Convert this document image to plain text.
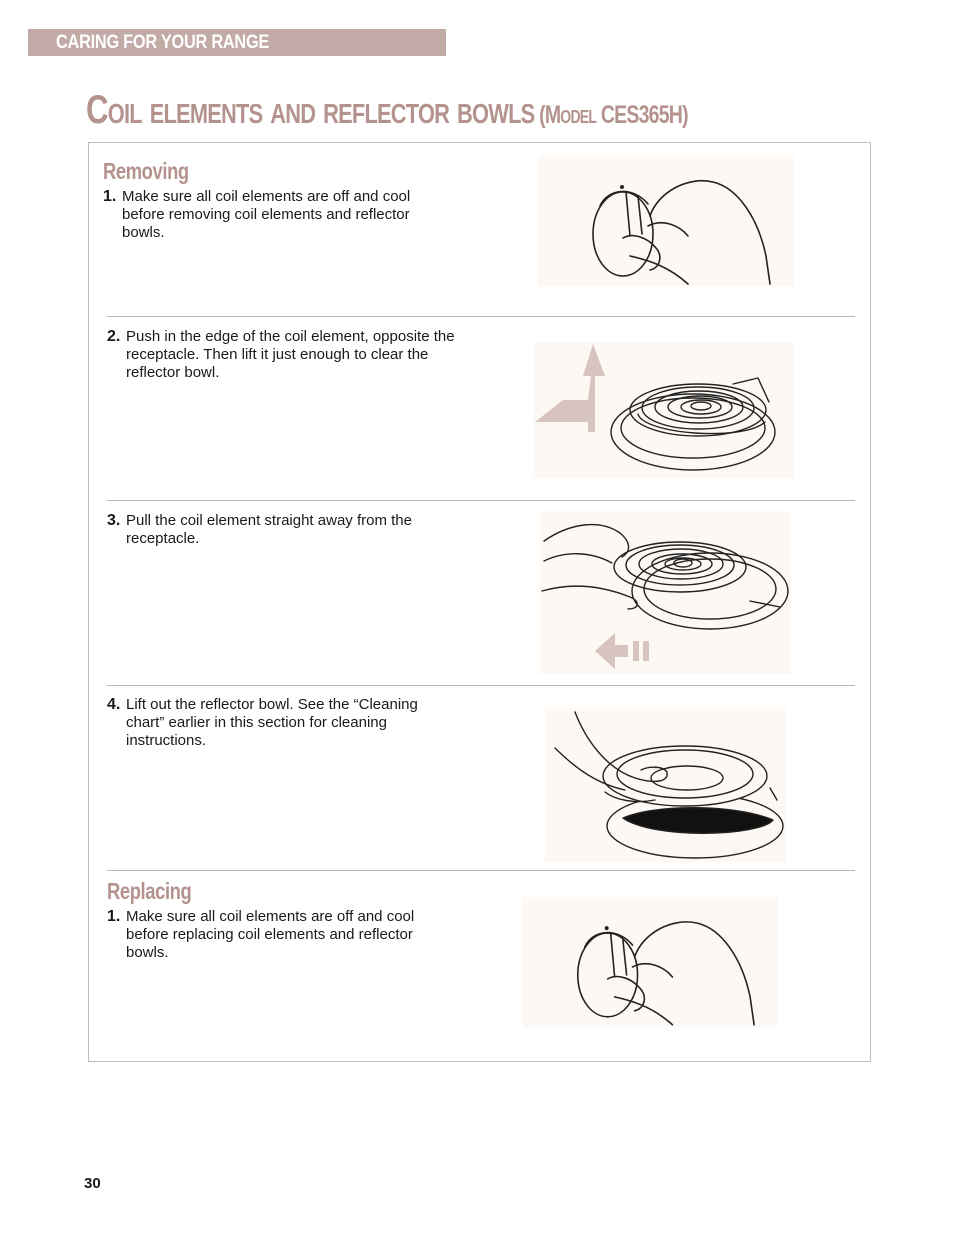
CARING FOR YOUR RANGE
Coil elements and reflector bowls (Model CES365H)
Removing
1. Make sure all coil elements are off and cool before removing coil elements and reflector bowls.
2. Push in the edge of the coil element, opposite the receptacle. Then lift it just enough to clear the reflector bowl.
3. Pull the coil element straight away from the receptacle.
4. Lift out the reflector bowl. See the “Cleaning chart” earlier in this section for cleaning instructions.
Replacing
1. Make sure all coil elements are off and cool before replacing coil elements and reflector bowls.
30
